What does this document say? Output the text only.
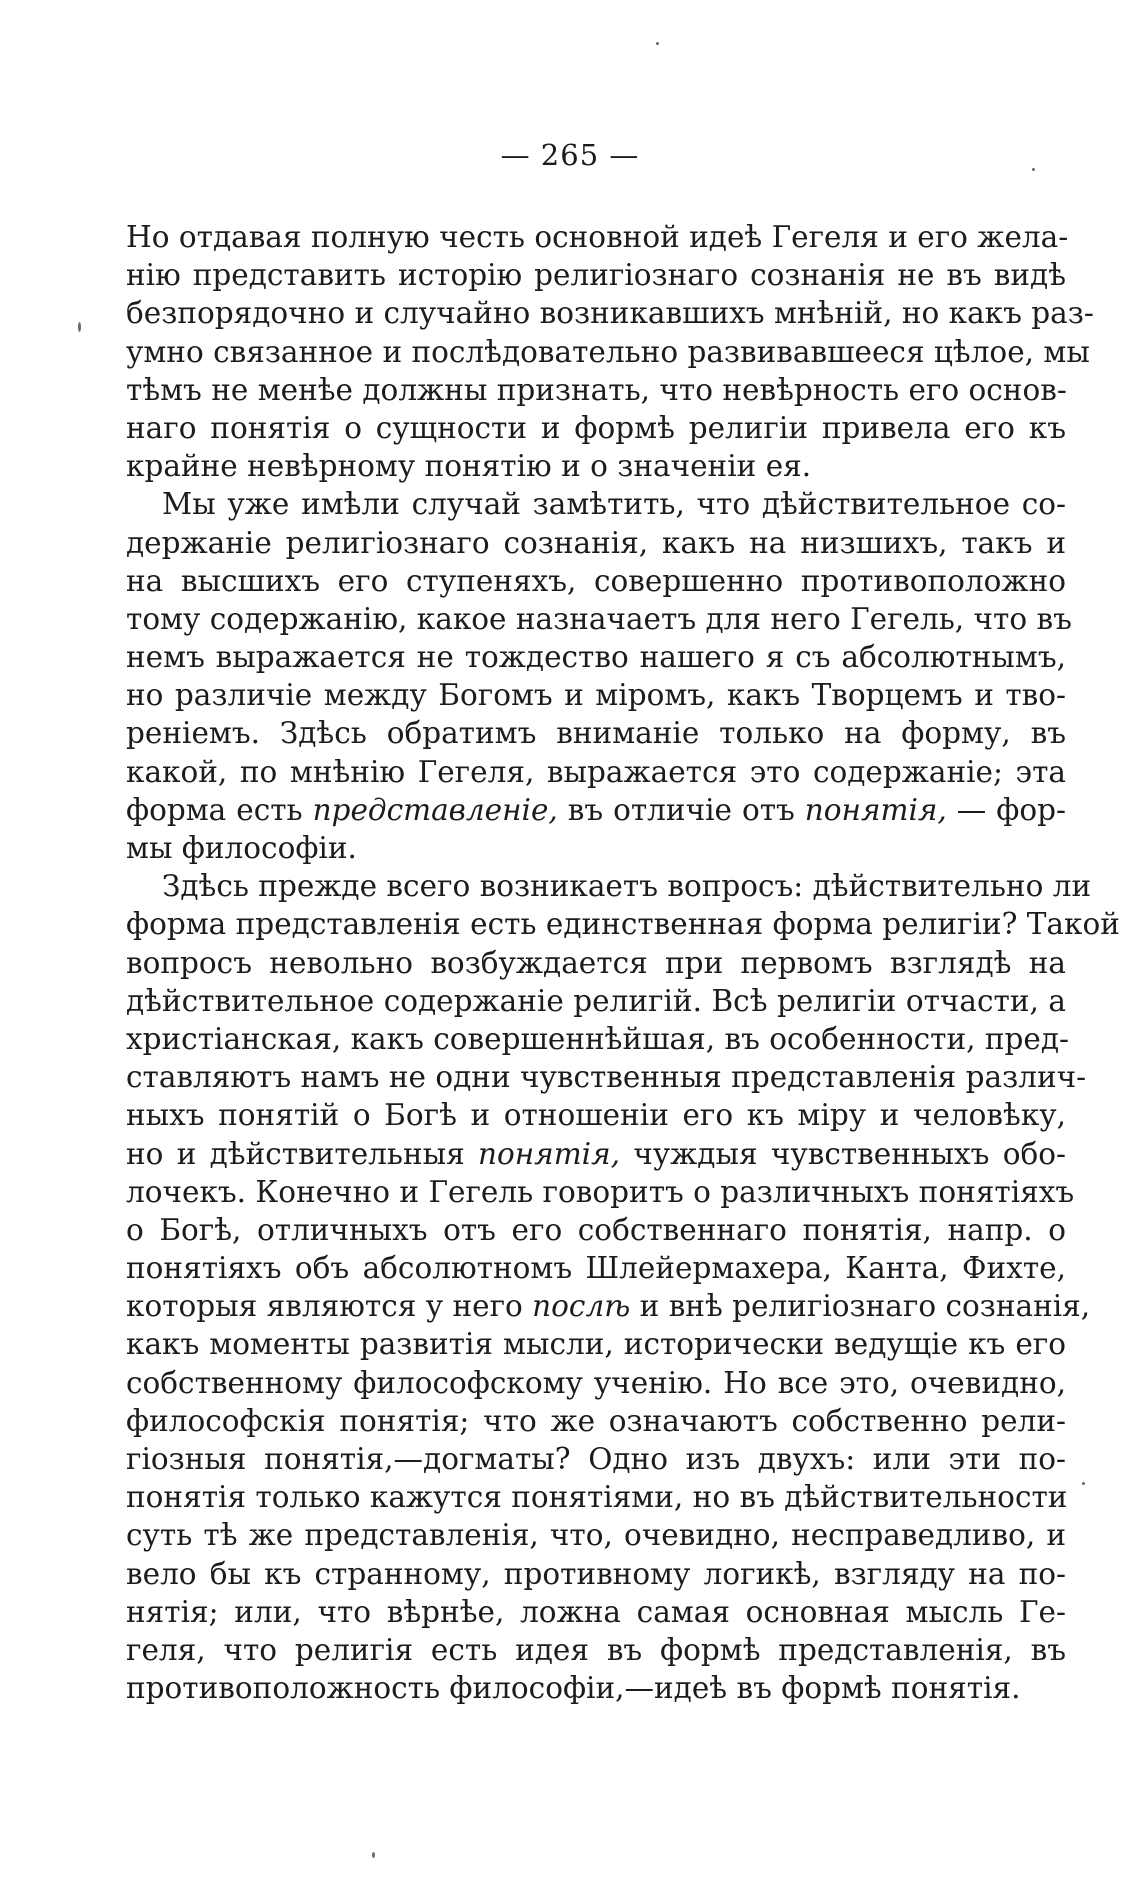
— 265 —
Но отдавая полную честь основной идеѣ Гегеля и его жела-
нію представить исторію религіознаго сознанія не въ видѣ
безпорядочно и случайно возникавшихъ мнѣній, но какъ раз-
умно связанное и послѣдовательно развивавшееся цѣлое, мы
тѣмъ не менѣе должны признать, что невѣрность его основ-
наго понятія о сущности и формѣ религіи привела его къ
крайне невѣрному понятію и о значеніи ея.
Мы уже имѣли случай замѣтить, что дѣйствительное со-
держаніе религіознаго сознанія, какъ на низшихъ, такъ и
на высшихъ его ступеняхъ, совершенно противоположно
тому содержанію, какое назначаетъ для него Гегель, что въ
немъ выражается не тождество нашего я съ абсолютнымъ,
но различіе между Богомъ и міромъ, какъ Творцемъ и тво-
реніемъ. Здѣсь обратимъ вниманіе только на форму, въ
какой, по мнѣнію Гегеля, выражается это содержаніе; эта
форма есть представленіе, въ отличіе отъ понятія, — фор-
мы философіи.
Здѣсь прежде всего возникаетъ вопросъ: дѣйствительно ли
форма представленія есть единственная форма религіи? Такой
вопросъ невольно возбуждается при первомъ взглядѣ на
дѣйствительное содержаніе религій. Всѣ религіи отчасти, а
христіанская, какъ совершеннѣйшая, въ особенности, пред-
ставляютъ намъ не одни чувственныя представленія различ-
ныхъ понятій о Богѣ и отношеніи его къ міру и человѣку,
но и дѣйствительныя понятія, чуждыя чувственныхъ обо-
лочекъ. Конечно и Гегель говоритъ о различныхъ понятіяхъ
о Богѣ, отличныхъ отъ его собственнаго понятія, напр. о
понятіяхъ объ абсолютномъ Шлейермахера, Канта, Фихте,
которыя являются у него послѣ и внѣ религіознаго сознанія,
какъ моменты развитія мысли, исторически ведущіе къ его
собственному философскому ученію. Но все это, очевидно,
философскія понятія; что же означаютъ собственно рели-
гіозныя понятія,—догматы? Одно изъ двухъ: или эти по-
понятія только кажутся понятіями, но въ дѣйствительности
суть тѣ же представленія, что, очевидно, несправедливо, и
вело бы къ странному, противному логикѣ, взгляду на по-
нятія; или, что вѣрнѣе, ложна самая основная мысль Ге-
геля, что религія есть идея въ формѣ представленія, въ
противоположность философіи,—идеѣ въ формѣ понятія.
